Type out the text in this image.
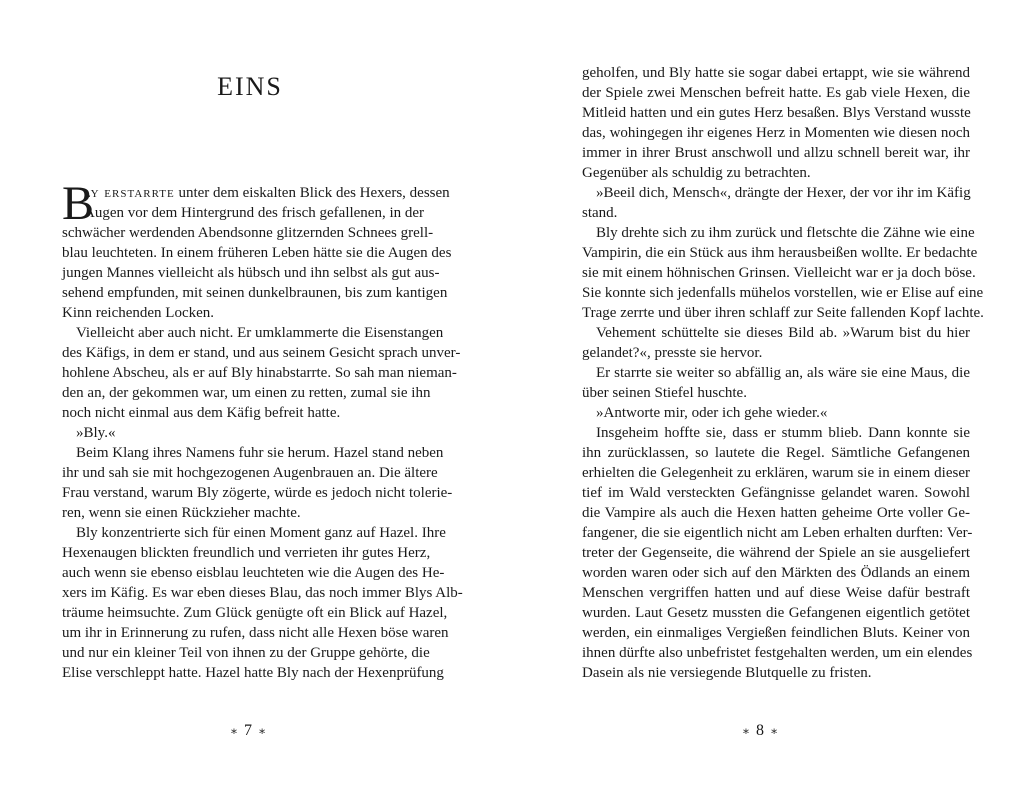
EINS
B
ly erstarrte unter dem eiskalten Blick des Hexers, dessen
Augen vor dem Hintergrund des frisch gefallenen, in der
schwächer werdenden Abendsonne glitzernden Schnees grell-
blau leuchteten. In einem früheren Leben hätte sie die Augen des
jungen Mannes vielleicht als hübsch und ihn selbst als gut aus-
sehend empfunden, mit seinen dunkelbraunen, bis zum kantigen
Kinn reichenden Locken.
Vielleicht aber auch nicht. Er umklammerte die Eisenstangen
des Käfigs, in dem er stand, und aus seinem Gesicht sprach unver-
hohlene Abscheu, als er auf Bly hinabstarrte. So sah man nieman-
den an, der gekommen war, um einen zu retten, zumal sie ihn
noch nicht einmal aus dem Käfig befreit hatte.
»Bly.«
Beim Klang ihres Namens fuhr sie herum. Hazel stand neben
ihr und sah sie mit hochgezogenen Augenbrauen an. Die ältere
Frau verstand, warum Bly zögerte, würde es jedoch nicht tolerie-
ren, wenn sie einen Rückzieher machte.
Bly konzentrierte sich für einen Moment ganz auf Hazel. Ihre
Hexenaugen blickten freundlich und verrieten ihr gutes Herz,
auch wenn sie ebenso eisblau leuchteten wie die Augen des He-
xers im Käfig. Es war eben dieses Blau, das noch immer Blys Alb-
träume heimsuchte. Zum Glück genügte oft ein Blick auf Hazel,
um ihr in Erinnerung zu rufen, dass nicht alle Hexen böse waren
und nur ein kleiner Teil von ihnen zu der Gruppe gehörte, die
Elise verschleppt hatte. Hazel hatte Bly nach der Hexenprüfung
∗ 7 ∗
geholfen, und Bly hatte sie sogar dabei ertappt, wie sie während
der Spiele zwei Menschen befreit hatte. Es gab viele Hexen, die
Mitleid hatten und ein gutes Herz besaßen. Blys Verstand wusste
das, wohingegen ihr eigenes Herz in Momenten wie diesen noch
immer in ihrer Brust anschwoll und allzu schnell bereit war, ihr
Gegenüber als schuldig zu betrachten.
»Beeil dich, Mensch«, drängte der Hexer, der vor ihr im Käfig
stand.
Bly drehte sich zu ihm zurück und fletschte die Zähne wie eine
Vampirin, die ein Stück aus ihm herausbeißen wollte. Er bedachte
sie mit einem höhnischen Grinsen. Vielleicht war er ja doch böse.
Sie konnte sich jedenfalls mühelos vorstellen, wie er Elise auf eine
Trage zerrte und über ihren schlaff zur Seite fallenden Kopf lachte.
Vehement schüttelte sie dieses Bild ab. »Warum bist du hier
gelandet?«, presste sie hervor.
Er starrte sie weiter so abfällig an, als wäre sie eine Maus, die
über seinen Stiefel huschte.
»Antworte mir, oder ich gehe wieder.«
Insgeheim hoffte sie, dass er stumm blieb. Dann konnte sie
ihn zurücklassen, so lautete die Regel. Sämtliche Gefangenen
erhielten die Gelegenheit zu erklären, warum sie in einem dieser
tief im Wald versteckten Gefängnisse gelandet waren. Sowohl
die Vampire als auch die Hexen hatten geheime Orte voller Ge-
fangener, die sie eigentlich nicht am Leben erhalten durften: Ver-
treter der Gegenseite, die während der Spiele an sie ausgeliefert
worden waren oder sich auf den Märkten des Ödlands an einem
Menschen vergriffen hatten und auf diese Weise dafür bestraft
wurden. Laut Gesetz mussten die Gefangenen eigentlich getötet
werden, ein einmaliges Vergießen feindlichen Bluts. Keiner von
ihnen dürfte also unbefristet festgehalten werden, um ein elendes
Dasein als nie versiegende Blutquelle zu fristen.
∗ 8 ∗
